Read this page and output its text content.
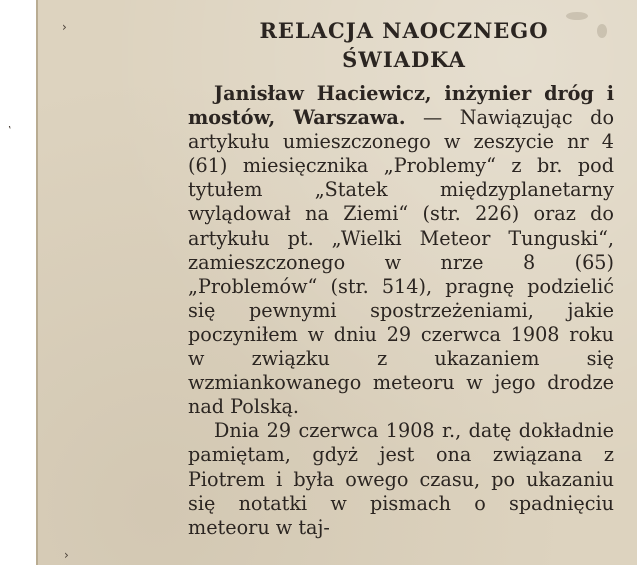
›
‛
›
RELACJA NAOCZNEGO
ŚWIADKA

Janisław Haciewicz, inżynier dróg i mostów, Warszawa. — Nawiązując do artykułu umieszczonego w zeszycie nr 4 (61) miesięcznika „Problemy“ z br. pod tytułem „Statek międzyplanetarny wylądował na Ziemi“ (str. 226) oraz do artykułu pt. „Wielki Meteor Tunguski“, zamieszczonego w nrze 8 (65) „Problemów“ (str. 514), pragnę podzielić się pewnymi spostrzeżeniami, jakie poczyniłem w dniu 29 czerwca 1908 roku w związku z ukazaniem się wzmiankowanego meteoru w jego drodze nad Polską.

Dnia 29 czerwca 1908 r., datę dokładnie pamiętam, gdyż jest ona związana z Piotrem i była owego czasu, po ukazaniu się notatki w pismach o spadnięciu meteoru w taj-
